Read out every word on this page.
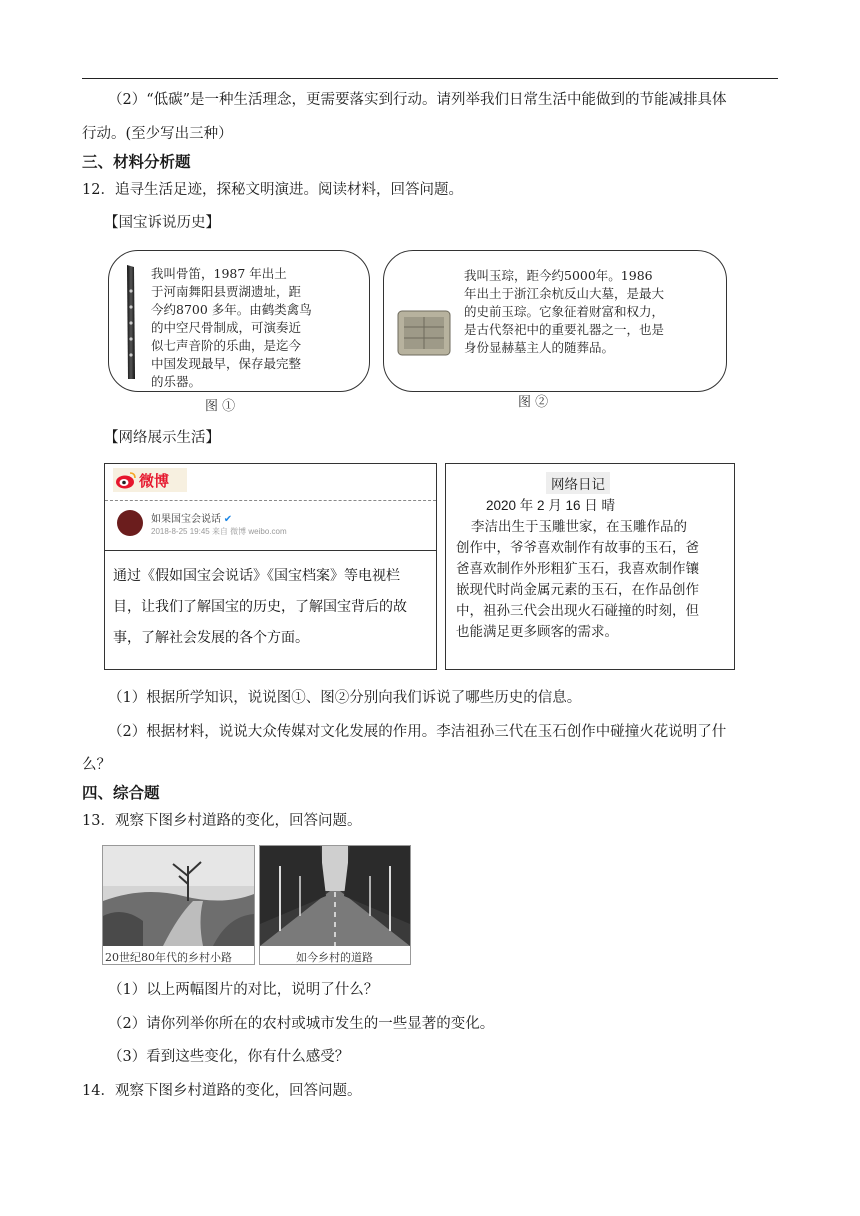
（2）“低碳”是一种生活理念，更需要落实到行动。请列举我们日常生活中能做到的节能减排具体
行动。(至少写出三种）
三、材料分析题
12．追寻生活足迹，探秘文明演进。阅读材料，回答问题。
【国宝诉说历史】
我叫骨笛，1987 年出土
于河南舞阳县贾湖遗址，距
今约8700 多年。由鹤类禽鸟
的中空尺骨制成，可演奏近
似七声音阶的乐曲，是迄今
中国发现最早，保存最完整
的乐器。
图 ①
我叫玉琮，距今约5000年。1986
年出土于浙江余杭反山大墓，是最大
的史前玉琮。它象征着财富和权力，
是古代祭祀中的重要礼器之一，也是
身份显赫墓主人的随葬品。
图 ②
【网络展示生活】
微博
如果国宝会说话 ✔
2018-8-25 19:45 来自 微博 weibo.com
通过《假如国宝会说话》《国宝档案》等电视栏
目，让我们了解国宝的历史，了解国宝背后的故
事，了解社会发展的各个方面。
网络日记
2020 年 2 月 16 日 晴
李洁出生于玉雕世家，在玉雕作品的
创作中，爷爷喜欢制作有故事的玉石，爸
爸喜欢制作外形粗犷玉石，我喜欢制作镶
嵌现代时尚金属元素的玉石，在作品创作
中，祖孙三代会出现火石碰撞的时刻，但
也能满足更多顾客的需求。
（1）根据所学知识，说说图①、图②分别向我们诉说了哪些历史的信息。
（2）根据材料，说说大众传媒对文化发展的作用。李洁祖孙三代在玉石创作中碰撞火花说明了什
么？
四、综合题
13．观察下图乡村道路的变化，回答问题。
20世纪80年代的乡村小路	如今乡村的道路
（1）以上两幅图片的对比，说明了什么？
（2）请你列举你所在的农村或城市发生的一些显著的变化。
（3）看到这些变化，你有什么感受？
14．观察下图乡村道路的变化，回答问题。
